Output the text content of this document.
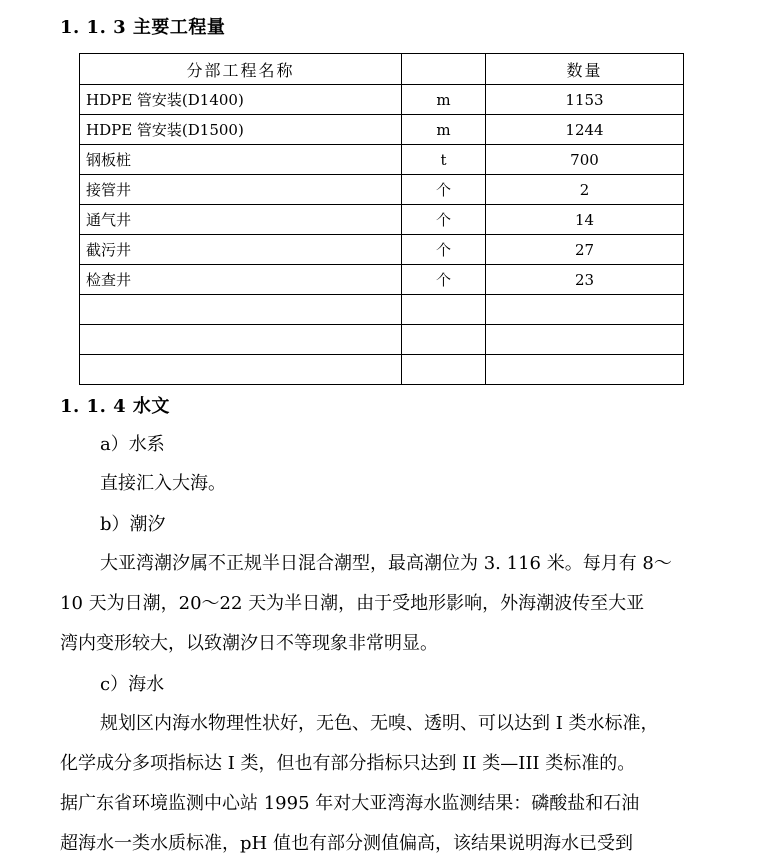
1. 1. 3 主要工程量
分部工程名称		数量
HDPE 管安装(D1400)	m	1153
HDPE 管安装(D1500)	m	1244
钢板桩	t	700
接管井	个	2
通气井	个	14
截污井	个	27
检查井	个	23

1. 1. 4 水文

a）水系

直接汇入大海。

b）潮汐

大亚湾潮汐属不正规半日混合潮型，最高潮位为 3. 116 米。每月有 8～

10 天为日潮，20～22 天为半日潮，由于受地形影响，外海潮波传至大亚

湾内变形较大，以致潮汐日不等现象非常明显。

c）海水

规划区内海水物理性状好，无色、无嗅、透明、可以达到 I 类水标准，

化学成分多项指标达 I 类，但也有部分指标只达到 II 类—III 类标准的。

据广东省环境监测中心站 1995 年对大亚湾海水监测结果：磷酸盐和石油

超海水一类水质标准，pH 值也有部分测值偏高，该结果说明海水已受到
